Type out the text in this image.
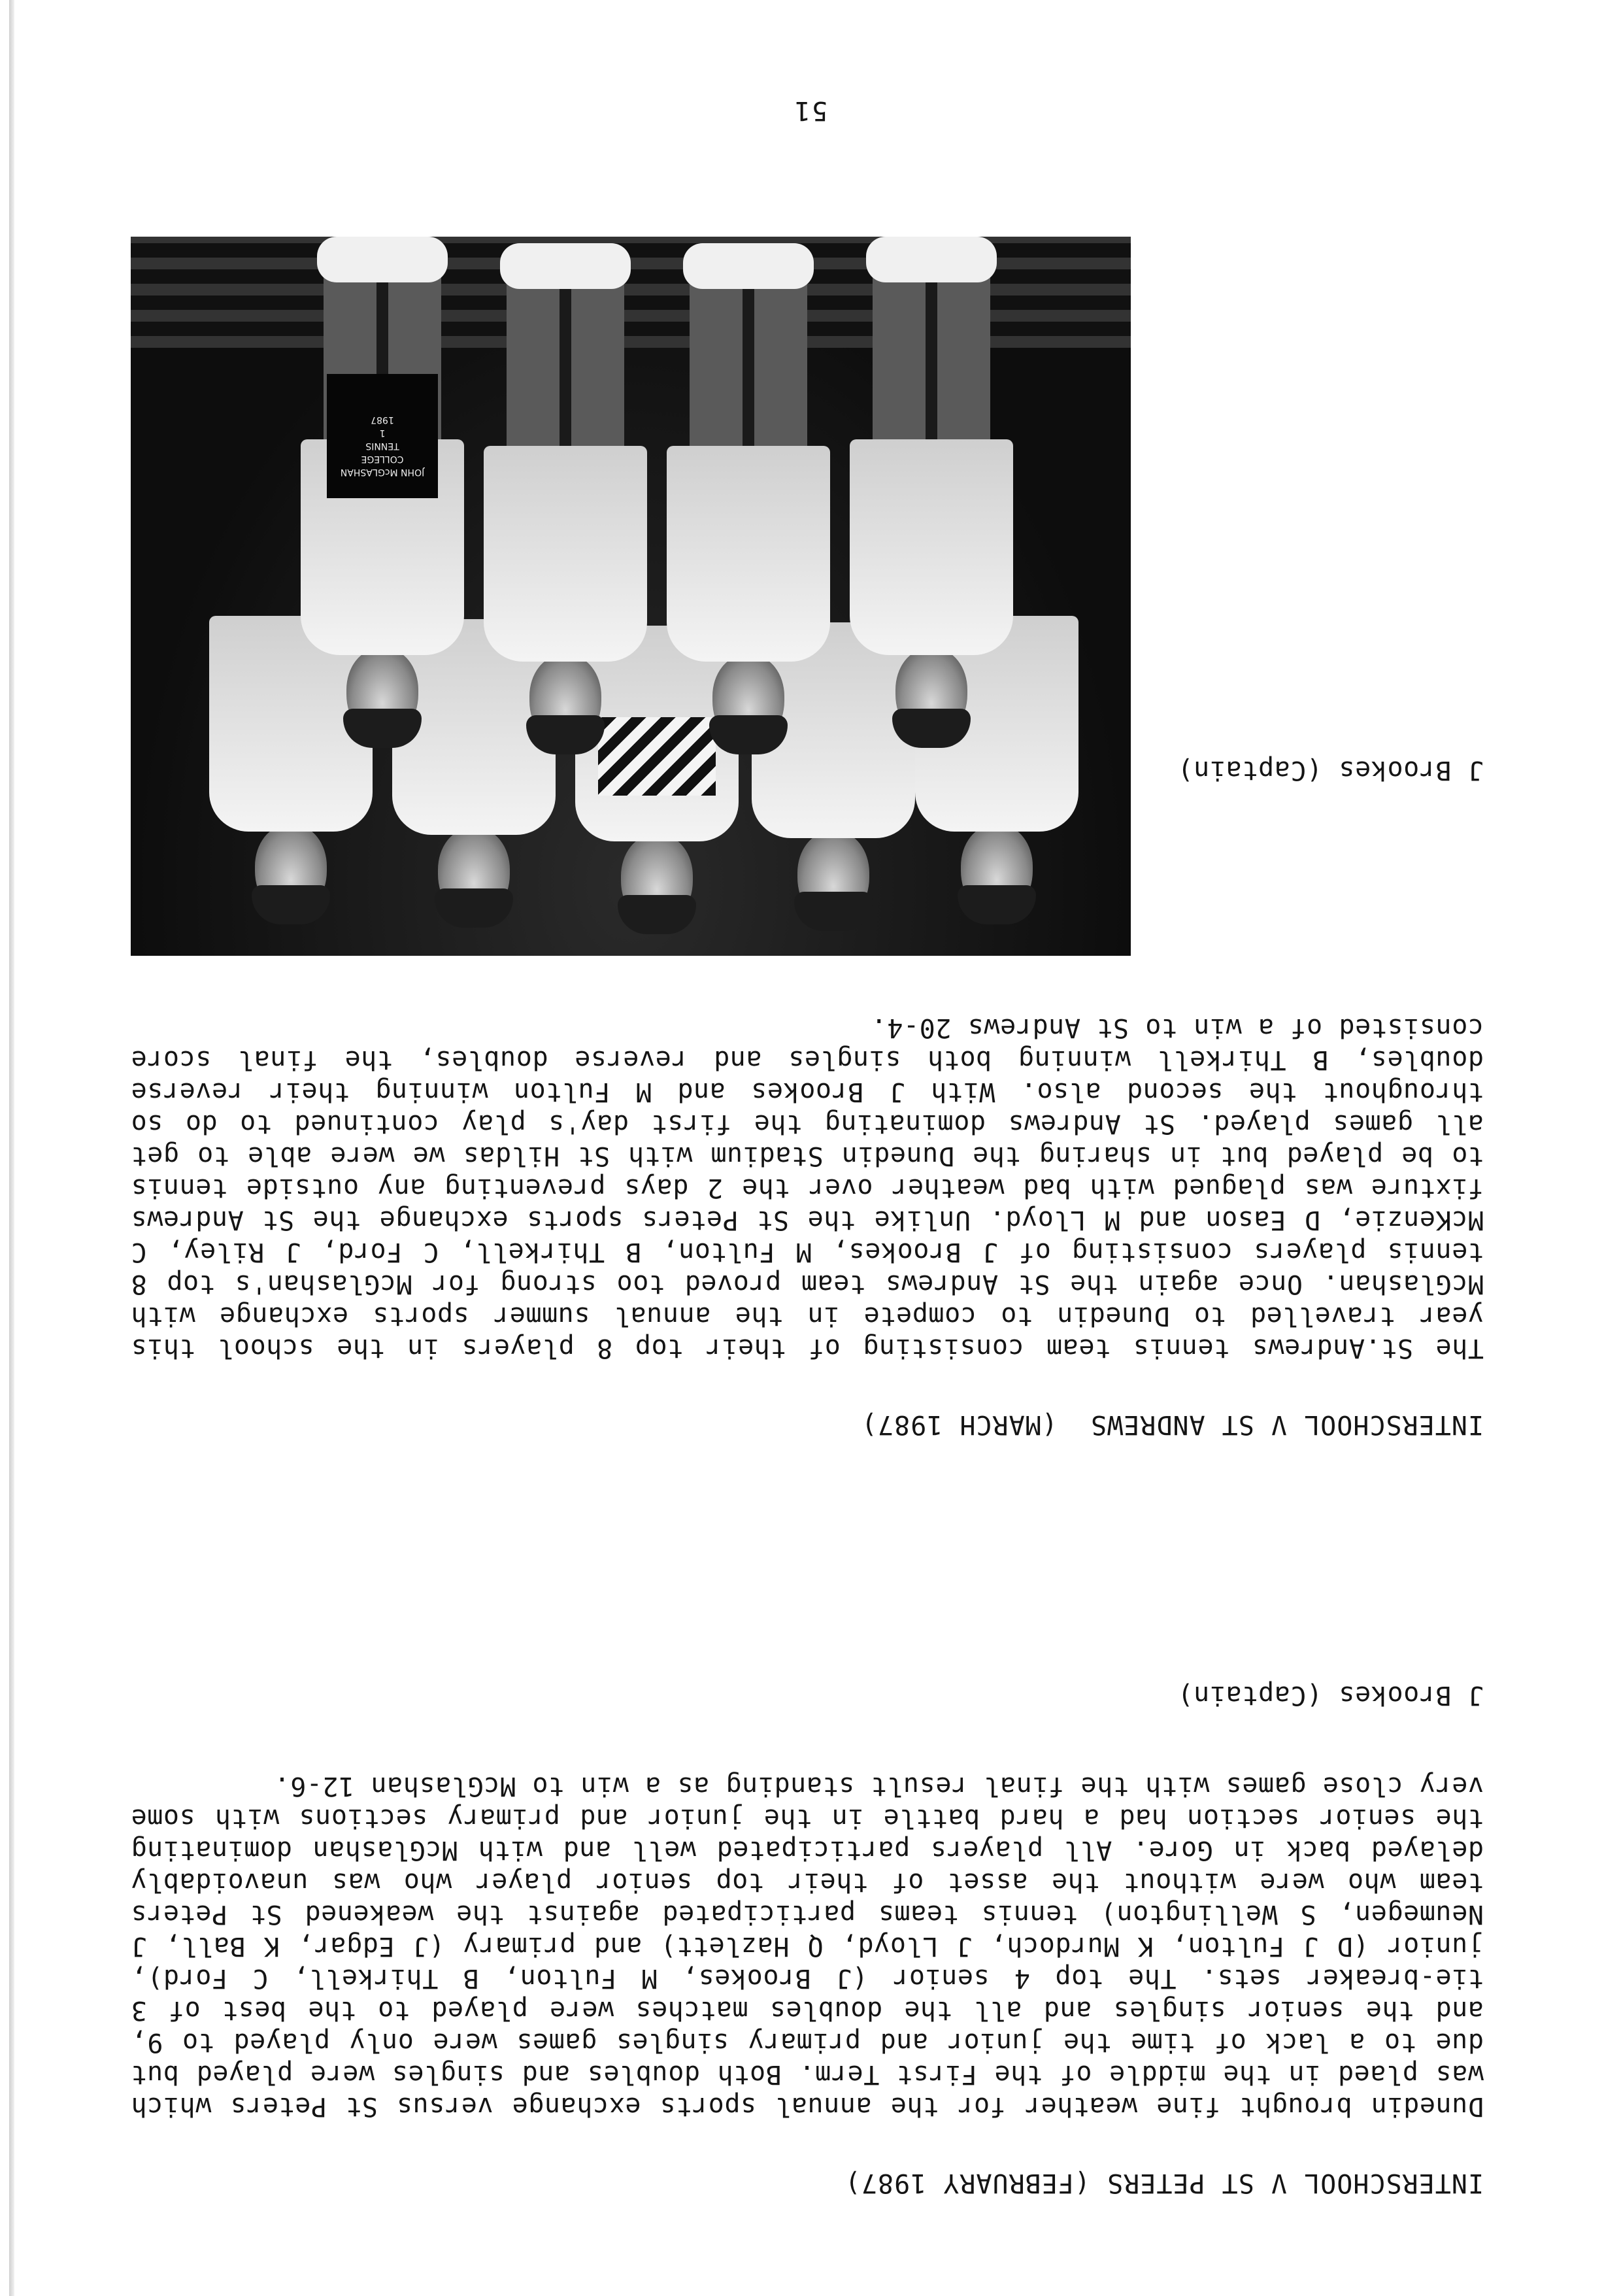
51
INTERSCHOOL V ST PETERS (FEBRUARY 1987)

Dunedin brought fine weather for the annual sports exchange versus St Peters which was plaed in the middle of the First Term. Both doubles and singles were played but due to a lack of time the junior and primary singles games were only played to 9, and the senior singles and all the doubles matches were played to the best of 3 tie-breaker sets. The top 4 senior (J Brookes, M Fulton, B Thirkell, C Ford), junior (D J Fulton, K Murdoch, J Lloyd, Q Hazlett) and primary (J Edgar, K Ball, J Neumegen, S Wellington) tennis teams participated against the weakened St Peters team who were without the asset of their top senior player who was unavoidably delayed back in Gore. All players participated well and with McGlashan dominating the senior section had a hard battle in the junior and primary sections with some very close games with the final result standing as a win to McGlashan 12-6.

J Brookes (Captain)

INTERSCHOOL V ST ANDREWS  (MARCH 1987)

The St.Andrews tennis team consisting of their top 8 players in the school this year travelled to Dunedin to compete in the annual summer sports exchange with McGlashan. Once again the St Andrews team proved too strong for McGlashan's top 8 tennis players consisting of J Brookes, M Fulton, B Thirkell, C Ford, J Riley, C McKenzie, D Eason and M Lloyd. Unlike the St Peters sports exchange the St Andrews fixture was plagued with bad weather over the 2 days preventing any outside tennis to be played but in sharing the Dunedin Stadium with St Hildas we were able to get all games played. St Andrews dominating the first day's play continued to do so throughout the second also. With J Brookes and M Fulton winning their reverse doubles, B Thirkell winning both singles and reverse doubles, the final score consisted of a win to St Andrews 20-4.

J Brookes (Captain)

JOHN McGLASHAN
COLLEGE
TENNIS
1
1987
